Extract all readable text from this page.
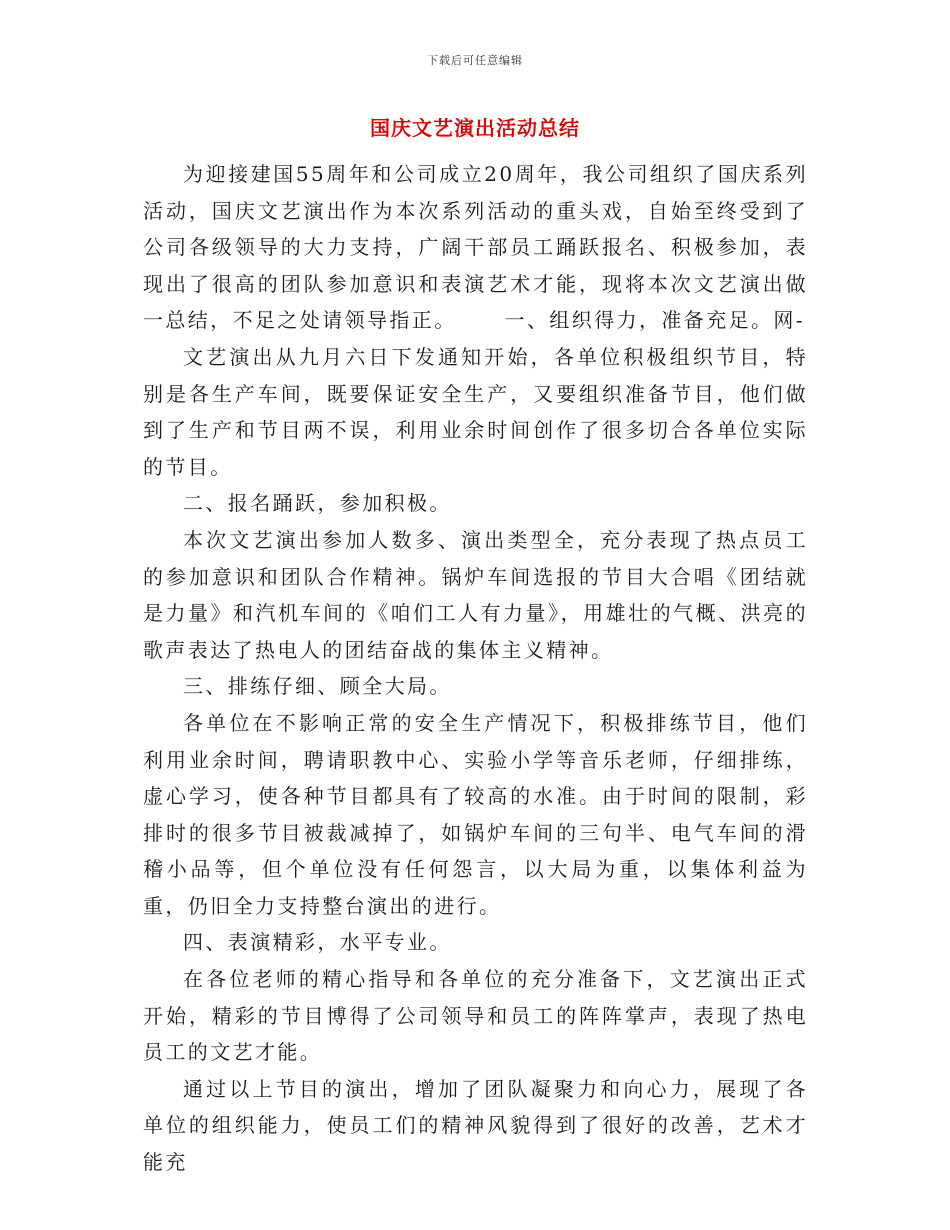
下载后可任意编辑
国庆文艺演出活动总结

为迎接建国55周年和公司成立20周年，我公司组织了国庆系列活动，国庆文艺演出作为本次系列活动的重头戏，自始至终受到了公司各级领导的大力支持，广阔干部员工踊跃报名、积极参加，表现出了很高的团队参加意识和表演艺术才能，现将本次文艺演出做一总结，不足之处请领导指正。 一、组织得力，准备充足。网-

文艺演出从九月六日下发通知开始，各单位积极组织节目，特别是各生产车间，既要保证安全生产，又要组织准备节目，他们做到了生产和节目两不误，利用业余时间创作了很多切合各单位实际的节目。

二、报名踊跃，参加积极。

本次文艺演出参加人数多、演出类型全，充分表现了热点员工的参加意识和团队合作精神。锅炉车间选报的节目大合唱《团结就是力量》和汽机车间的《咱们工人有力量》，用雄壮的气概、洪亮的歌声表达了热电人的团结奋战的集体主义精神。

三、排练仔细、顾全大局。

各单位在不影响正常的安全生产情况下，积极排练节目，他们利用业余时间，聘请职教中心、实验小学等音乐老师，仔细排练，虚心学习，使各种节目都具有了较高的水准。由于时间的限制，彩排时的很多节目被裁减掉了，如锅炉车间的三句半、电气车间的滑稽小品等，但个单位没有任何怨言，以大局为重，以集体利益为重，仍旧全力支持整台演出的进行。

四、表演精彩，水平专业。

在各位老师的精心指导和各单位的充分准备下，文艺演出正式开始，精彩的节目博得了公司领导和员工的阵阵掌声，表现了热电员工的文艺才能。

通过以上节目的演出，增加了团队凝聚力和向心力，展现了各单位的组织能力，使员工们的精神风貌得到了很好的改善，艺术才能充
